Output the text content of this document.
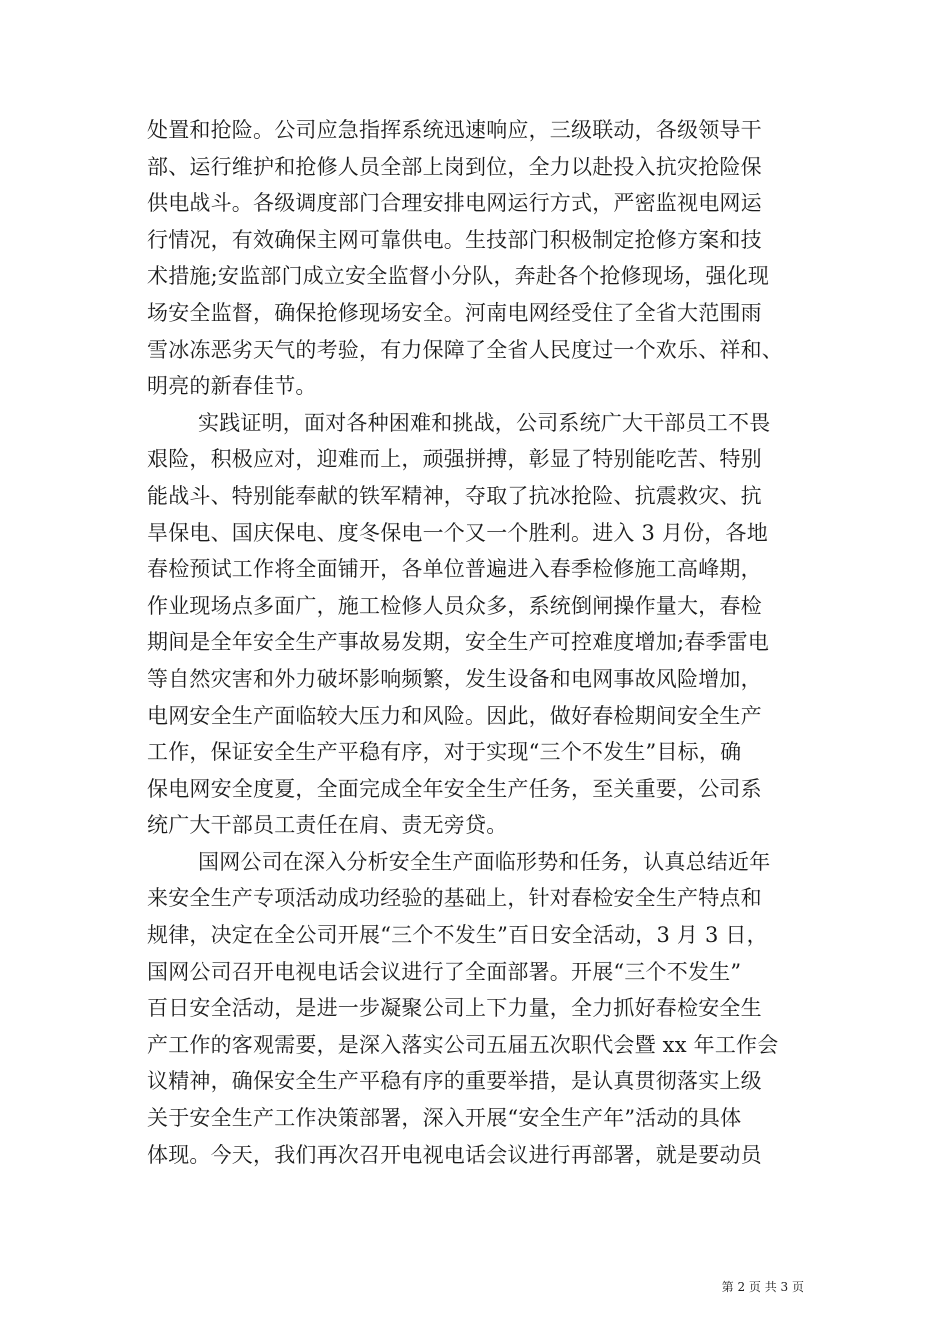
处置和抢险。公司应急指挥系统迅速响应，三级联动，各级领导干
部、运行维护和抢修人员全部上岗到位，全力以赴投入抗灾抢险保
供电战斗。各级调度部门合理安排电网运行方式，严密监视电网运
行情况，有效确保主网可靠供电。生技部门积极制定抢修方案和技
术措施;安监部门成立安全监督小分队，奔赴各个抢修现场，强化现
场安全监督，确保抢修现场安全。河南电网经受住了全省大范围雨
雪冰冻恶劣天气的考验，有力保障了全省人民度过一个欢乐、祥和、
明亮的新春佳节。
实践证明，面对各种困难和挑战，公司系统广大干部员工不畏
艰险，积极应对，迎难而上，顽强拼搏，彰显了特别能吃苦、特别
能战斗、特别能奉献的铁军精神，夺取了抗冰抢险、抗震救灾、抗
旱保电、国庆保电、度冬保电一个又一个胜利。进入 3 月份，各地
春检预试工作将全面铺开，各单位普遍进入春季检修施工高峰期，
作业现场点多面广，施工检修人员众多，系统倒闸操作量大，春检
期间是全年安全生产事故易发期，安全生产可控难度增加;春季雷电
等自然灾害和外力破坏影响频繁，发生设备和电网事故风险增加，
电网安全生产面临较大压力和风险。因此，做好春检期间安全生产
工作，保证安全生产平稳有序，对于实现“三个不发生”目标，确
保电网安全度夏，全面完成全年安全生产任务，至关重要，公司系
统广大干部员工责任在肩、责无旁贷。
国网公司在深入分析安全生产面临形势和任务，认真总结近年
来安全生产专项活动成功经验的基础上，针对春检安全生产特点和
规律，决定在全公司开展“三个不发生”百日安全活动，3 月 3 日，
国网公司召开电视电话会议进行了全面部署。开展“三个不发生”
百日安全活动，是进一步凝聚公司上下力量，全力抓好春检安全生
产工作的客观需要，是深入落实公司五届五次职代会暨 xx 年工作会
议精神，确保安全生产平稳有序的重要举措，是认真贯彻落实上级
关于安全生产工作决策部署，深入开展“安全生产年”活动的具体
体现。今天，我们再次召开电视电话会议进行再部署，就是要动员
第 2 页 共 3 页
